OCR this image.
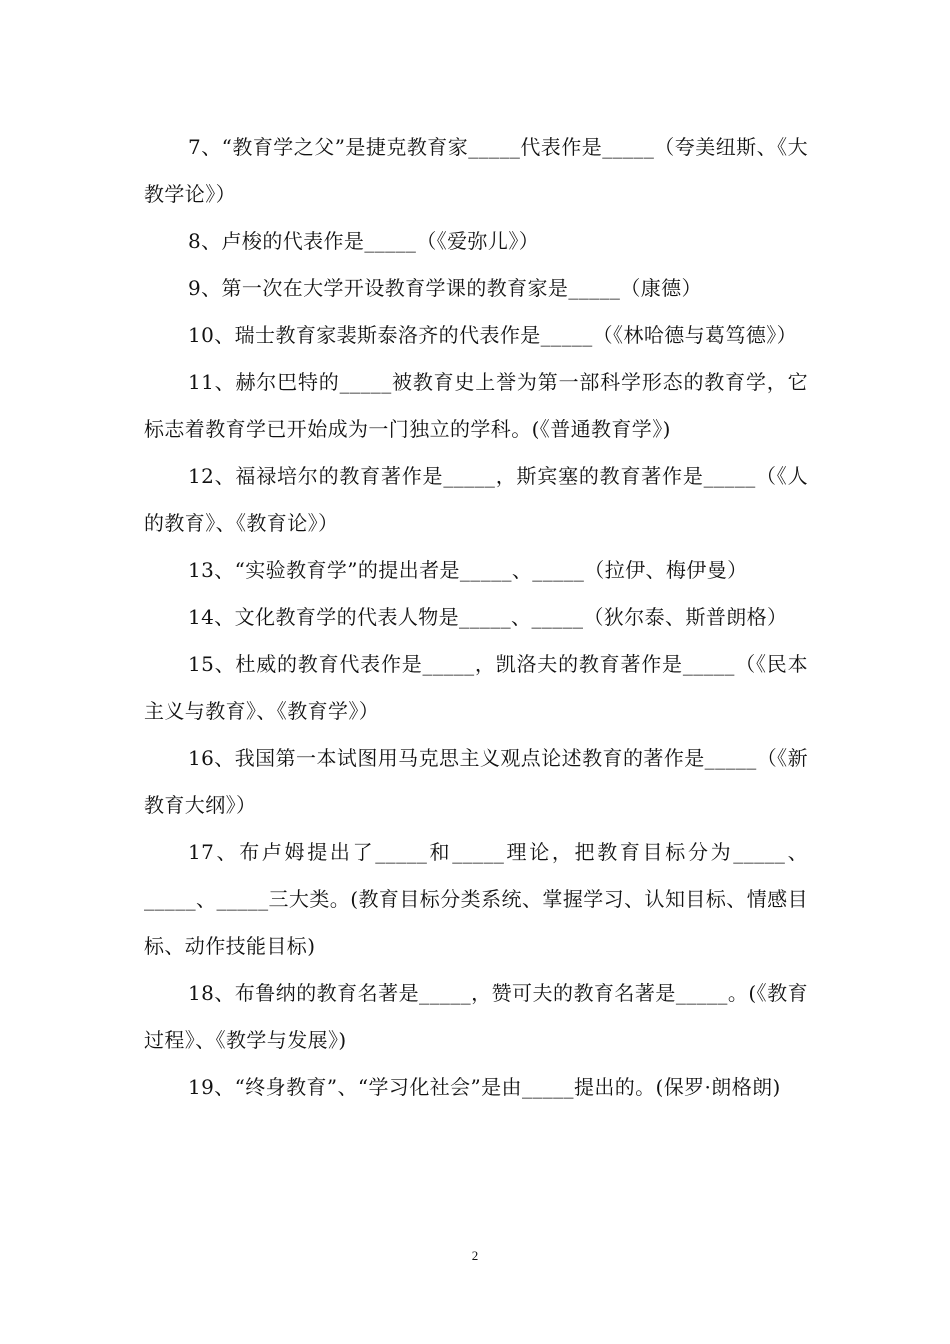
7、“教育学之父”是捷克教育家_____代表作是_____（夸美纽斯、《大教学论》）

8、卢梭的代表作是_____（《爱弥儿》）

9、第一次在大学开设教育学课的教育家是_____（康德）

10、瑞士教育家裴斯泰洛齐的代表作是_____（《林哈德与葛笃德》）

11、赫尔巴特的_____被教育史上誉为第一部科学形态的教育学，它标志着教育学已开始成为一门独立的学科。(《普通教育学》)

12、福禄培尔的教育著作是_____，斯宾塞的教育著作是_____（《人的教育》、《教育论》）

13、“实验教育学”的提出者是_____、_____（拉伊、梅伊曼）

14、文化教育学的代表人物是_____、_____（狄尔泰、斯普朗格）

15、杜威的教育代表作是_____，凯洛夫的教育著作是_____（《民本主义与教育》、《教育学》）

16、我国第一本试图用马克思主义观点论述教育的著作是_____（《新教育大纲》）

17、布卢姆提出了_____和_____理论，把教育目标分为_____、_____、_____三大类。(教育目标分类系统、掌握学习、认知目标、情感目标、动作技能目标)

18、布鲁纳的教育名著是_____，赞可夫的教育名著是_____。(《教育过程》、《教学与发展》)

19、“终身教育”、“学习化社会”是由_____提出的。(保罗·朗格朗)

2
